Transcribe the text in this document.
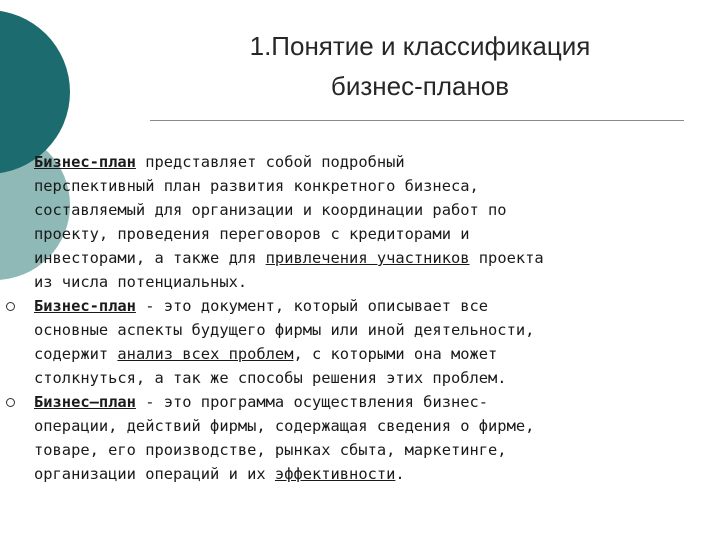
1.Понятие и классификация
бизнес-планов
Бизнес-план представляет собой подробный
перспективный план развития конкретного бизнеса,
составляемый для организации и координации работ по
проекту, проведения переговоров с кредиторами и
инвесторами, а также для привлечения участников проекта
из числа потенциальных.
Бизнес-план - это документ, который описывает все
основные аспекты будущего фирмы или иной деятельности,
содержит анализ всех проблем, с которыми она может
столкнуться, а так же способы решения этих проблем.
Бизнес–план - это программа осуществления бизнес-
операции, действий фирмы, содержащая сведения о фирме,
товаре, его производстве, рынках сбыта, маркетинге,
организации операций и их эффективности.
